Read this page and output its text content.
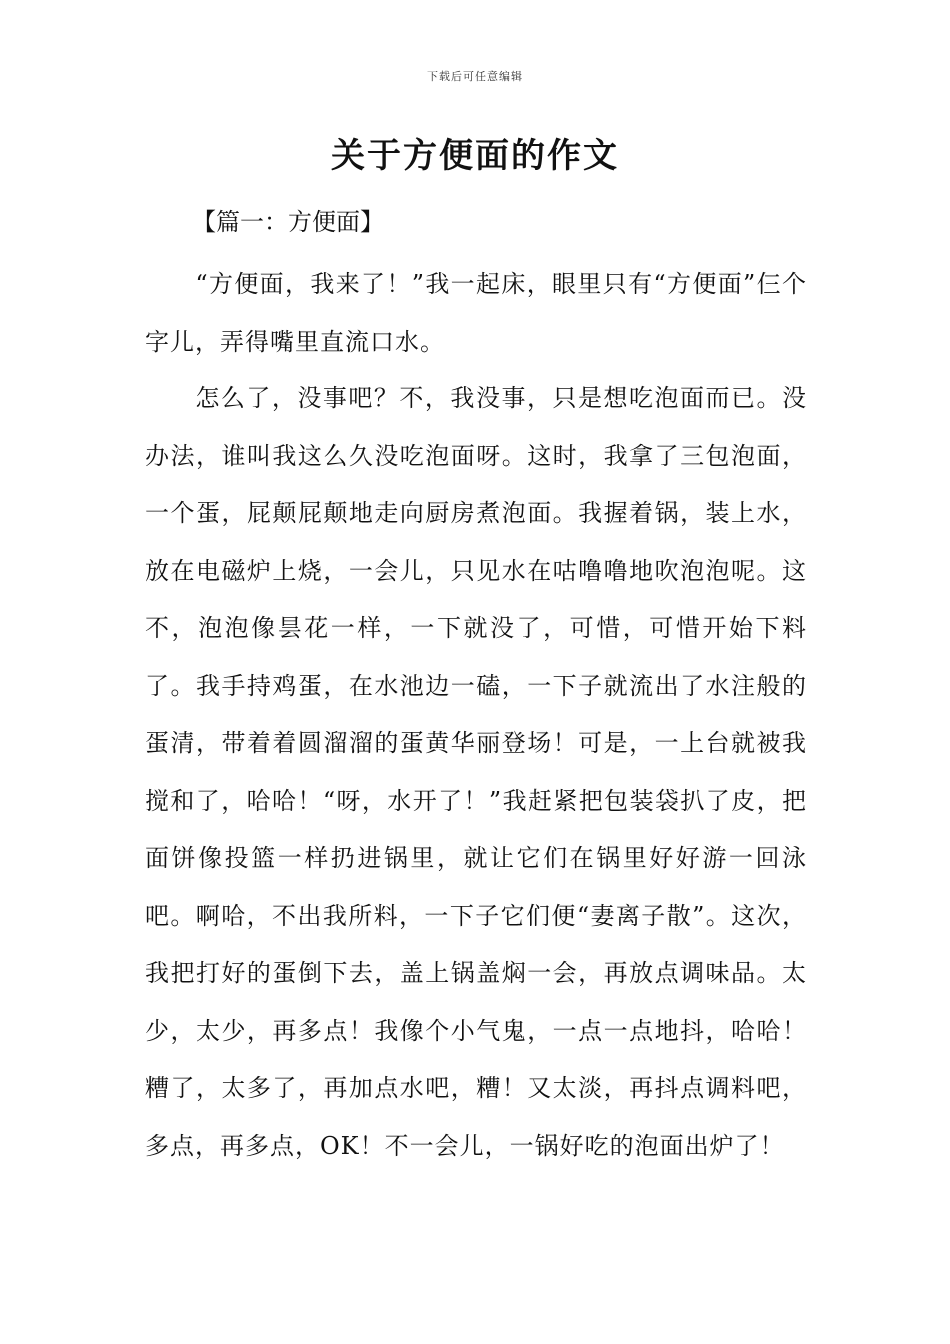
下载后可任意编辑
关于方便面的作文
【篇一：方便面】

“方便面，我来了！”我一起床，眼里只有“方便面”仨个字儿，弄得嘴里直流口水。

怎么了，没事吧？不，我没事，只是想吃泡面而已。没办法，谁叫我这么久没吃泡面呀。这时，我拿了三包泡面，一个蛋，屁颠屁颠地走向厨房煮泡面。我握着锅，装上水，放在电磁炉上烧，一会儿，只见水在咕噜噜地吹泡泡呢。这不，泡泡像昙花一样，一下就没了，可惜，可惜开始下料了。我手持鸡蛋，在水池边一磕，一下子就流出了水注般的蛋清，带着着圆溜溜的蛋黄华丽登场！可是，一上台就被我搅和了，哈哈！“呀，水开了！”我赶紧把包装袋扒了皮，把面饼像投篮一样扔进锅里，就让它们在锅里好好游一回泳吧。啊哈，不出我所料，一下子它们便“妻离子散”。这次，我把打好的蛋倒下去，盖上锅盖焖一会，再放点调味品。太少，太少，再多点！我像个小气鬼，一点一点地抖，哈哈！糟了，太多了，再加点水吧，糟！又太淡，再抖点调料吧，多点，再多点，OK！不一会儿，一锅好吃的泡面出炉了！
